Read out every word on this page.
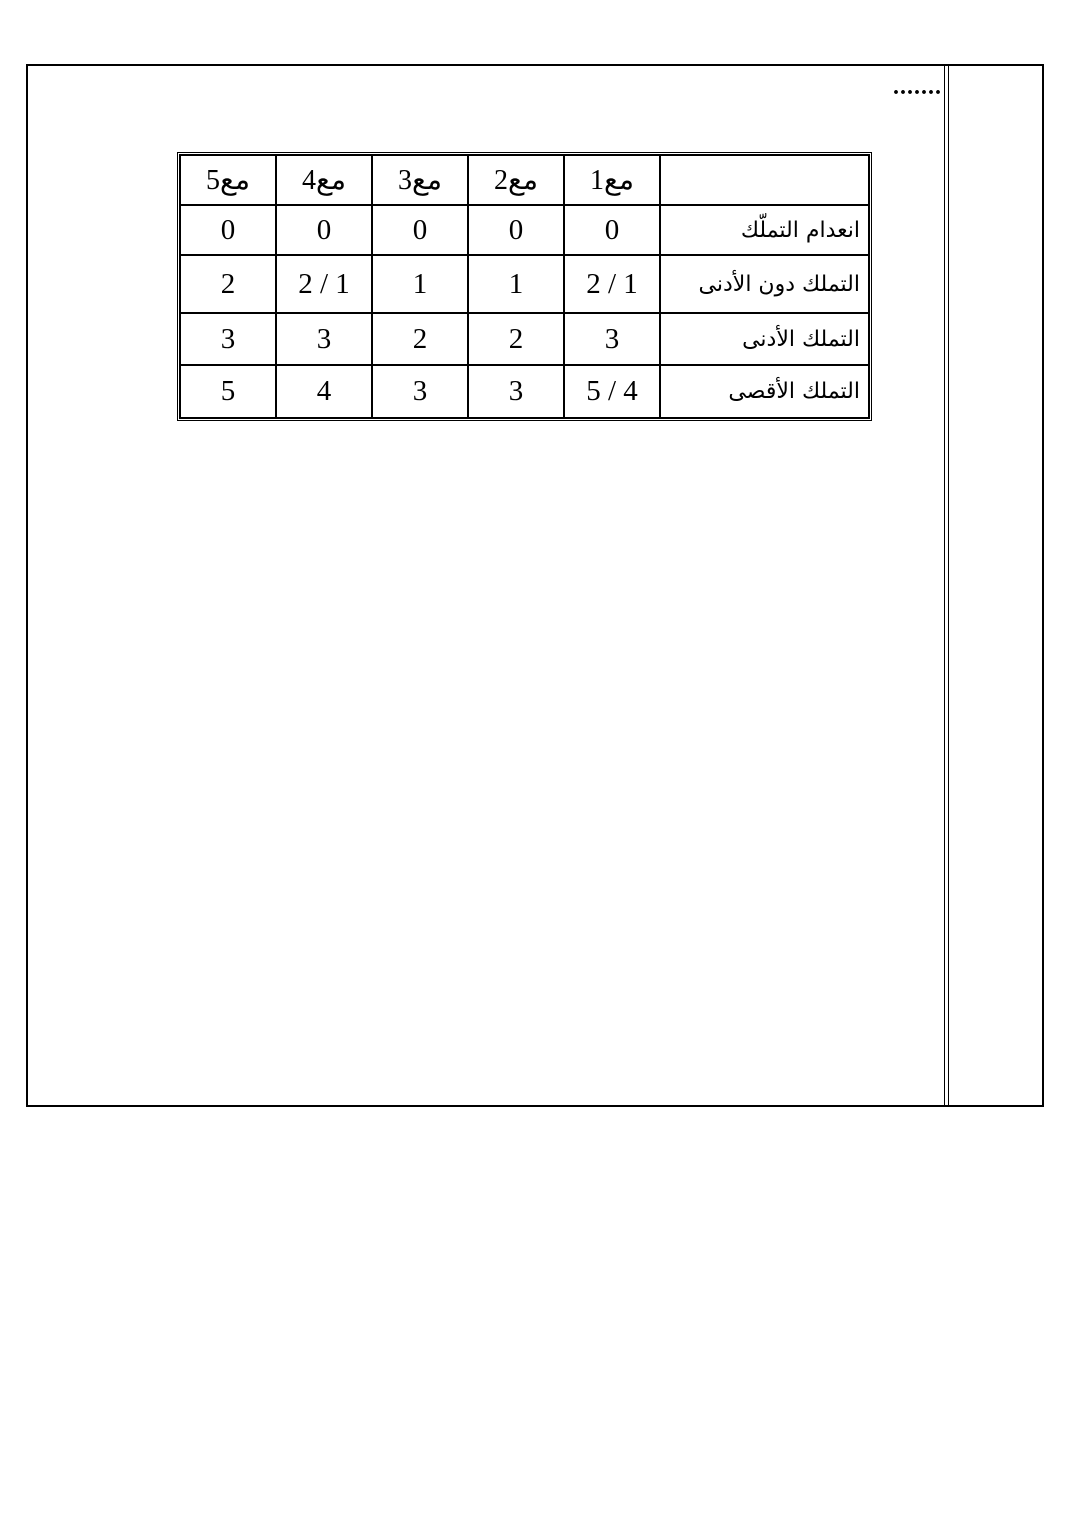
.......
	مع1	مع2	مع3	مع4	مع5
انعدام التملّك	0	0	0	0	0
التملك دون الأدنى	1 / 2	1	1	1 / 2	2
التملك الأدنى	3	2	2	3	3
التملك الأقصى	4 / 5	3	3	4	5
